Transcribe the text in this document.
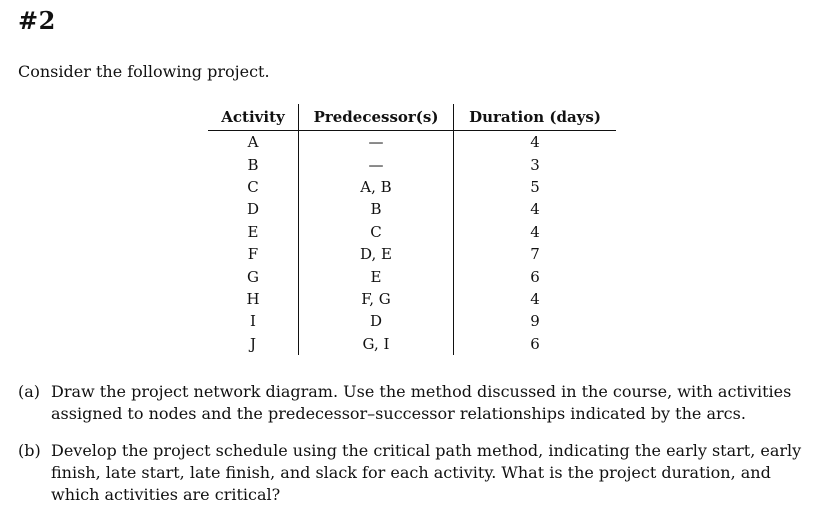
#2
Consider the following project.
Activity	Predecessor(s)	Duration (days)
A	—	4
B	—	3
C	A, B	5
D	B	4
E	C	4
F	D, E	7
G	E	6
H	F, G	4
I	D	9
J	G, I	6
(a) Draw the project network diagram. Use the method discussed in the course, with activities assigned to nodes and the predecessor–successor relationships indicated by the arcs.
(b) Develop the project schedule using the critical path method, indicating the early start, early finish, late start, late finish, and slack for each activity. What is the project duration, and which activities are critical?
